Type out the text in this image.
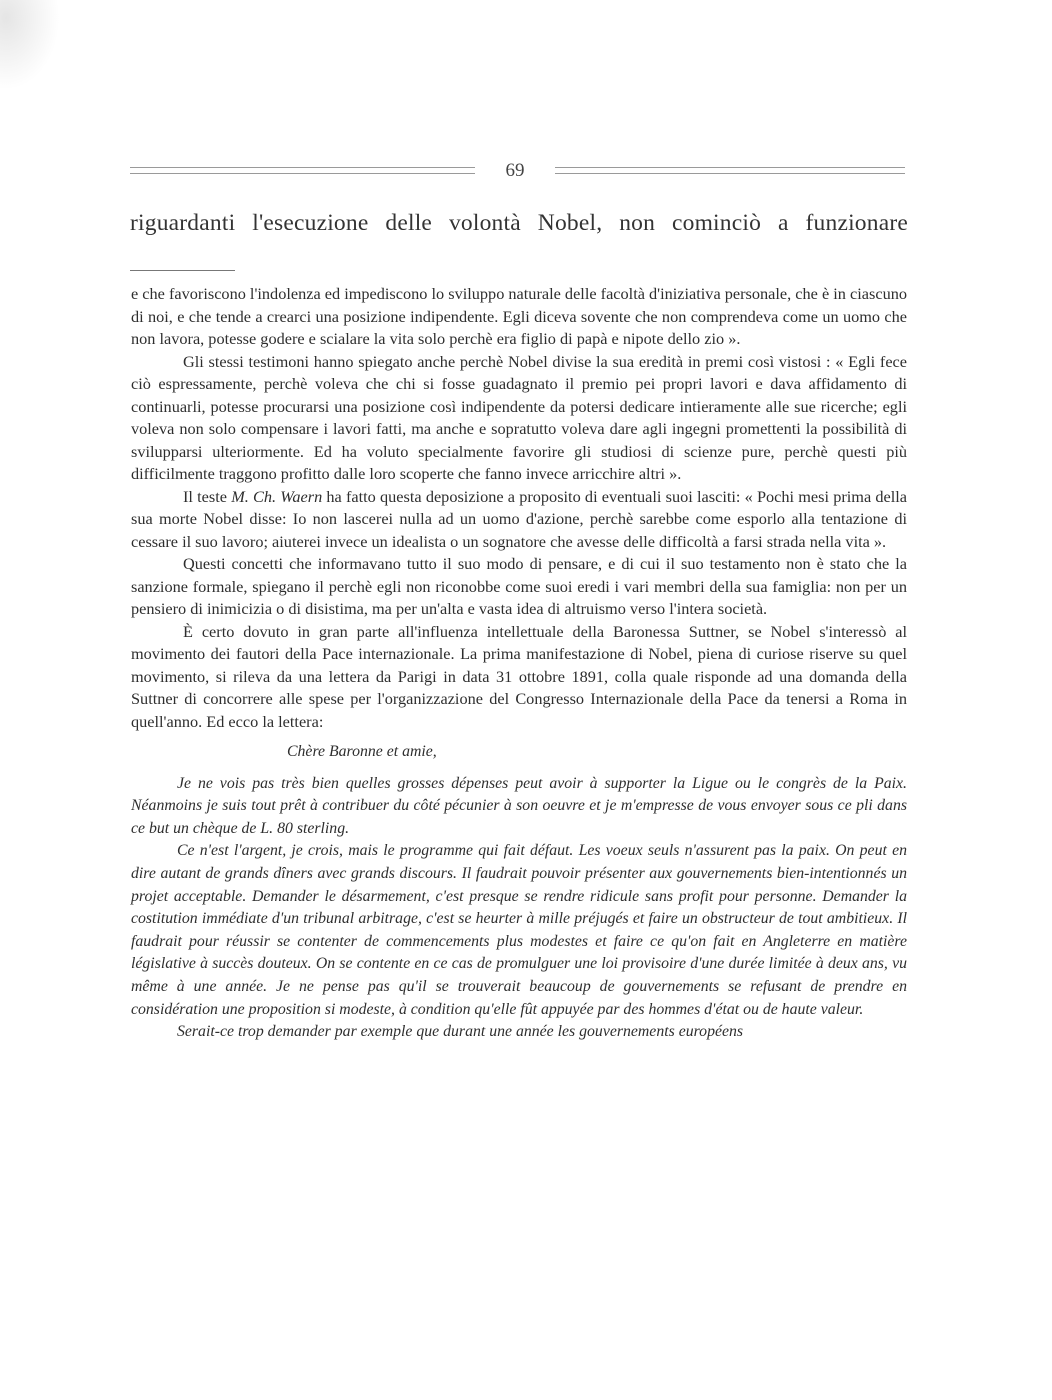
69
riguardanti l'esecuzione delle volontà Nobel, non cominciò a funzionare

e che favoriscono l'indolenza ed impediscono lo sviluppo naturale delle facoltà d'iniziativa personale, che è in ciascuno di noi, e che tende a crearci una posizione indipendente. Egli diceva sovente che non comprendeva come un uomo che non lavora, potesse godere e scialare la vita solo perchè era figlio di papà e nipote dello zio ».

Gli stessi testimoni hanno spiegato anche perchè Nobel divise la sua eredità in premi così vistosi : « Egli fece ciò espressamente, perchè voleva che chi si fosse guadagnato il premio pei propri lavori e dava affidamento di continuarli, potesse procurarsi una posizione così indipendente da potersi dedicare intieramente alle sue ricerche; egli voleva non solo compensare i lavori fatti, ma anche e sopratutto voleva dare agli ingegni promettenti la possibilità di svilupparsi ulteriormente. Ed ha voluto specialmente favorire gli studiosi di scienze pure, perchè questi più difficilmente traggono profitto dalle loro scoperte che fanno invece arricchire altri ».

Il teste M. Ch. Waern ha fatto questa deposizione a proposito di eventuali suoi lasciti: « Pochi mesi prima della sua morte Nobel disse: Io non lascerei nulla ad un uomo d'azione, perchè sarebbe come esporlo alla tentazione di cessare il suo lavoro; aiuterei invece un idealista o un sognatore che avesse delle difficoltà a farsi strada nella vita ».

Questi concetti che informavano tutto il suo modo di pensare, e di cui il suo testamento non è stato che la sanzione formale, spiegano il perchè egli non riconobbe come suoi eredi i vari membri della sua famiglia: non per un pensiero di inimicizia o di disistima, ma per un'alta e vasta idea di altruismo verso l'intera società.

È certo dovuto in gran parte all'influenza intellettuale della Baronessa Suttner, se Nobel s'interessò al movimento dei fautori della Pace internazionale. La prima manifestazione di Nobel, piena di curiose riserve su quel movimento, si rileva da una lettera da Parigi in data 31 ottobre 1891, colla quale risponde ad una domanda della Suttner di concorrere alle spese per l'organizzazione del Congresso Internazionale della Pace da tenersi a Roma in quell'anno. Ed ecco la lettera:

Chère Baronne et amie,

Je ne vois pas très bien quelles grosses dépenses peut avoir à supporter la Ligue ou le congrès de la Paix. Néanmoins je suis tout prêt à contribuer du côté pécunier à son oeuvre et je m'empresse de vous envoyer sous ce pli dans ce but un chèque de L. 80 sterling.

Ce n'est l'argent, je crois, mais le programme qui fait défaut. Les voeux seuls n'assurent pas la paix. On peut en dire autant de grands dîners avec grands discours. Il faudrait pouvoir présenter aux gouvernements bien-intentionnés un projet acceptable. Demander le désarmement, c'est presque se rendre ridicule sans profit pour personne. Demander la costitution immédiate d'un tribunal arbitrage, c'est se heurter à mille préjugés et faire un obstructeur de tout ambitieux. Il faudrait pour réussir se contenter de commencements plus modestes et faire ce qu'on fait en Angleterre en matière législative à succès douteux. On se contente en ce cas de promulguer une loi provisoire d'une durée limitée à deux ans, vu même à une année. Je ne pense pas qu'il se trouverait beaucoup de gouvernements se refusant de prendre en considération une proposition si modeste, à condition qu'elle fût appuyée par des hommes d'état ou de haute valeur.

Serait-ce trop demander par exemple que durant une année les gouvernements européens
